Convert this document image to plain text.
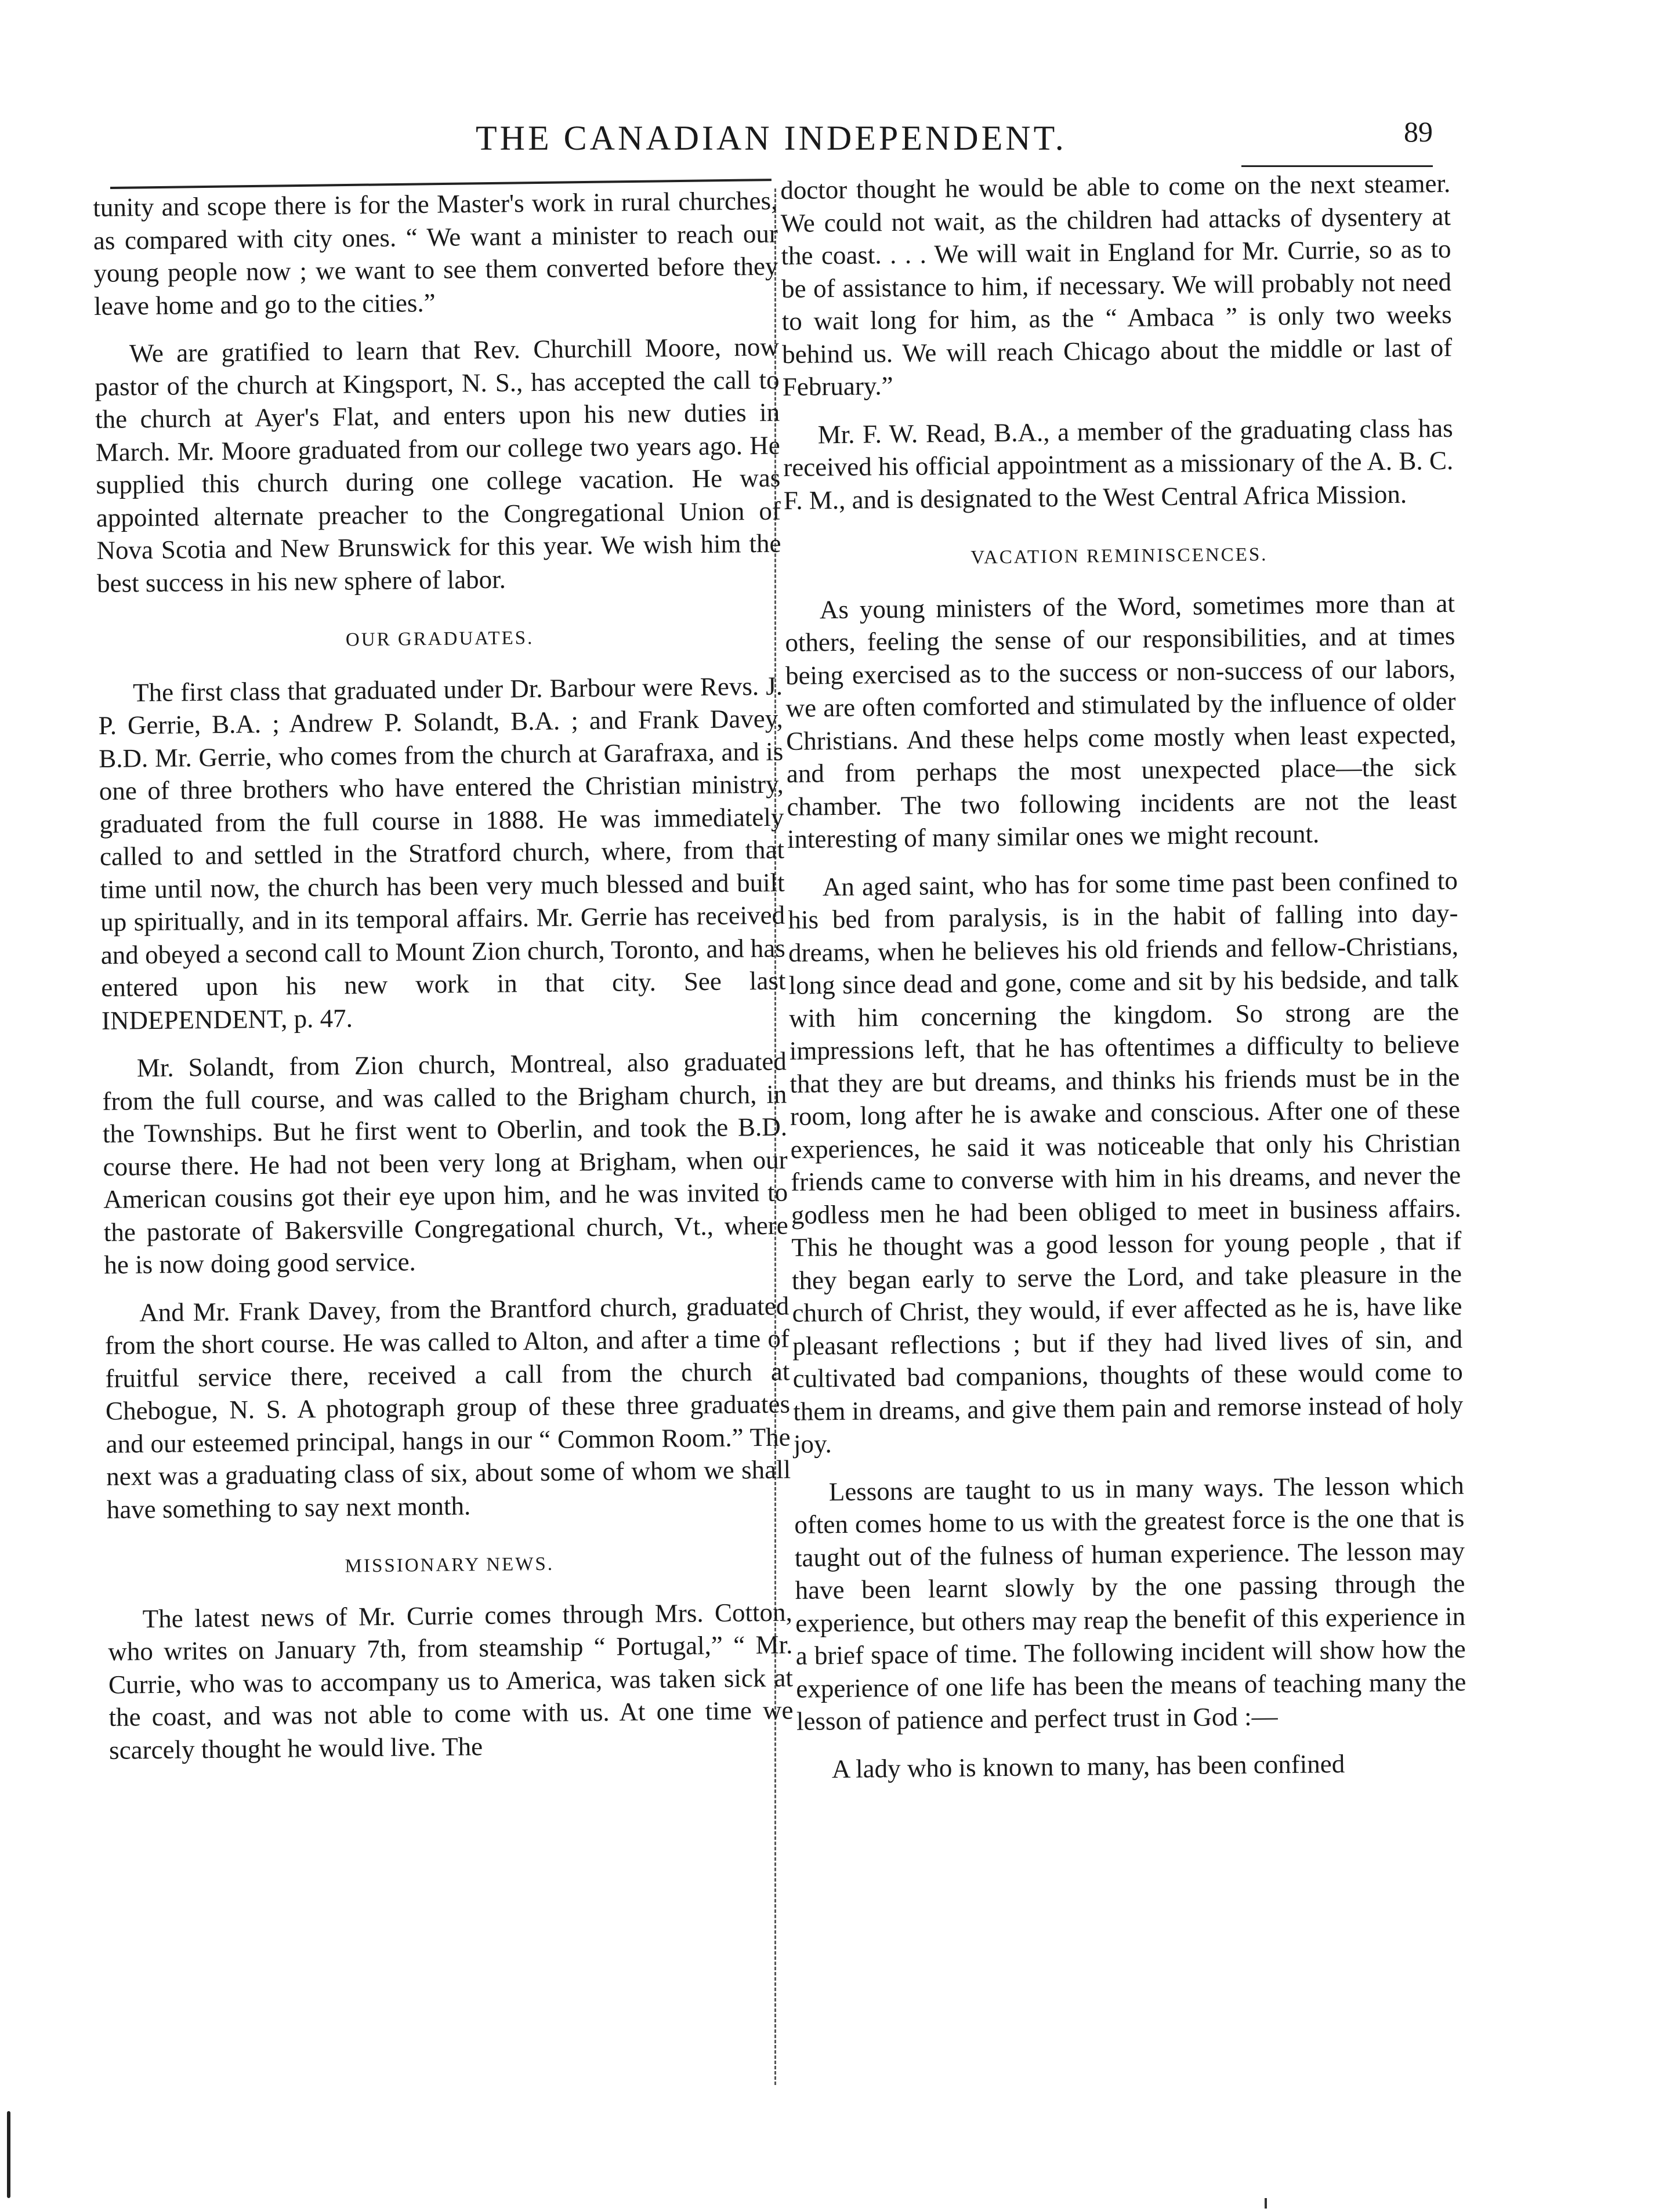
THE CANADIAN INDEPENDENT.	89

tunity and scope there is for the Master's work in rural churches, as compared with city ones. “ We want a minister to reach our young people now ; we want to see them converted before they leave home and go to the cities.”

We are gratified to learn that Rev. Churchill Moore, now pastor of the church at Kingsport, N. S., has accepted the call to the church at Ayer's Flat, and enters upon his new duties in March. Mr. Moore graduated from our college two years ago. He supplied this church during one college vacation. He was appointed alternate preacher to the Congregational Union of Nova Scotia and New Brunswick for this year. We wish him the best success in his new sphere of labor.

OUR GRADUATES.

The first class that graduated under Dr. Barbour were Revs. J. P. Gerrie, B.A. ; Andrew P. Solandt, B.A. ; and Frank Davey, B.D. Mr. Gerrie, who comes from the church at Garafraxa, and is one of three brothers who have entered the Christian ministry, graduated from the full course in 1888. He was immediately called to and settled in the Stratford church, where, from that time until now, the church has been very much blessed and built up spiritually, and in its temporal affairs. Mr. Gerrie has received and obeyed a second call to Mount Zion church, Toronto, and has entered upon his new work in that city. See last INDEPENDENT, p. 47.

Mr. Solandt, from Zion church, Montreal, also graduated from the full course, and was called to the Brigham church, in the Townships. But he first went to Oberlin, and took the B.D. course there. He had not been very long at Brigham, when our American cousins got their eye upon him, and he was invited to the pastorate of Bakersville Congregational church, Vt., where he is now doing good service.

And Mr. Frank Davey, from the Brantford church, graduated from the short course. He was called to Alton, and after a time of fruitful service there, received a call from the church at Chebogue, N. S. A photograph group of these three graduates and our esteemed principal, hangs in our “ Common Room.” The next was a graduating class of six, about some of whom we shall have something to say next month.

MISSIONARY NEWS.

The latest news of Mr. Currie comes through Mrs. Cotton, who writes on January 7th, from steamship “ Portugal,” “ Mr. Currie, who was to accompany us to America, was taken sick at the coast, and was not able to come with us. At one time we scarcely thought he would live. The

doctor thought he would be able to come on the next steamer. We could not wait, as the children had attacks of dysentery at the coast. . . . We will wait in England for Mr. Currie, so as to be of assistance to him, if necessary. We will probably not need to wait long for him, as the “ Ambaca ” is only two weeks behind us. We will reach Chicago about the middle or last of February.”

Mr. F. W. Read, B.A., a member of the graduating class has received his official appointment as a missionary of the A. B. C. F. M., and is designated to the West Central Africa Mission.

VACATION REMINISCENCES.

As young ministers of the Word, sometimes more than at others, feeling the sense of our responsibilities, and at times being exercised as to the success or non-success of our labors, we are often comforted and stimulated by the influence of older Christians. And these helps come mostly when least expected, and from perhaps the most unexpected place—the sick chamber. The two following incidents are not the least interesting of many similar ones we might recount.

An aged saint, who has for some time past been confined to his bed from paralysis, is in the habit of falling into day-dreams, when he believes his old friends and fellow-Christians, long since dead and gone, come and sit by his bedside, and talk with him concerning the kingdom. So strong are the impressions left, that he has oftentimes a difficulty to believe that they are but dreams, and thinks his friends must be in the room, long after he is awake and conscious. After one of these experiences, he said it was noticeable that only his Christian friends came to converse with him in his dreams, and never the godless men he had been obliged to meet in business affairs. This he thought was a good lesson for young people , that if they began early to serve the Lord, and take pleasure in the church of Christ, they would, if ever affected as he is, have like pleasant reflections ; but if they had lived lives of sin, and cultivated bad companions, thoughts of these would come to them in dreams, and give them pain and remorse instead of holy joy.

Lessons are taught to us in many ways. The lesson which often comes home to us with the greatest force is the one that is taught out of the fulness of human experience. The lesson may have been learnt slowly by the one passing through the experience, but others may reap the benefit of this experience in a brief space of time. The following incident will show how the experience of one life has been the means of teaching many the lesson of patience and perfect trust in God :—

A lady who is known to many, has been confined
